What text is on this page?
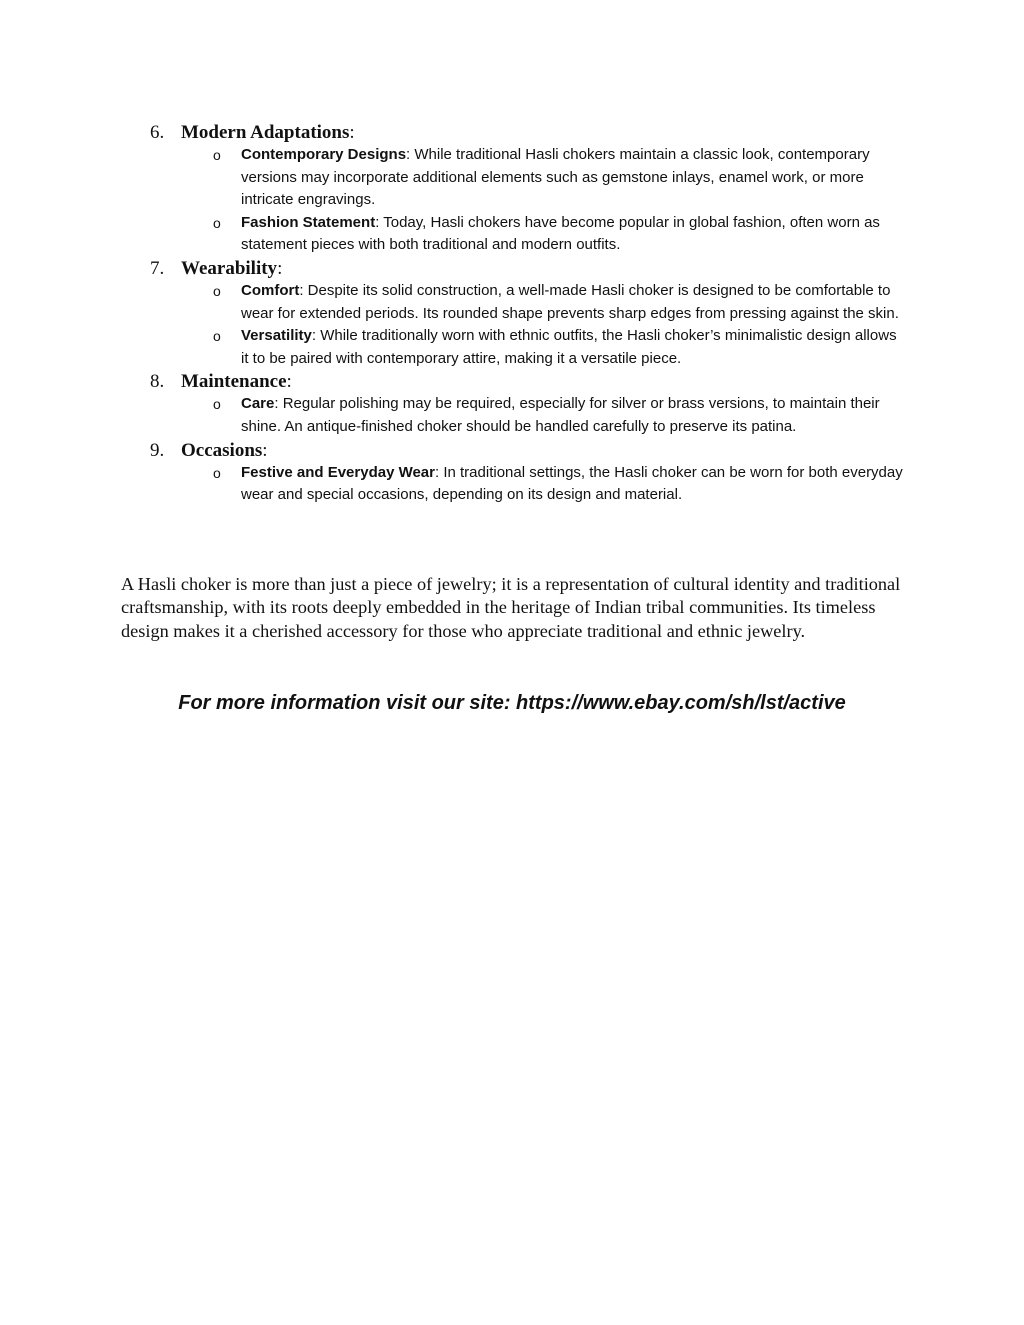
6. Modern Adaptations:
o Contemporary Designs: While traditional Hasli chokers maintain a classic look, contemporary versions may incorporate additional elements such as gemstone inlays, enamel work, or more intricate engravings.
o Fashion Statement: Today, Hasli chokers have become popular in global fashion, often worn as statement pieces with both traditional and modern outfits.
7. Wearability:
o Comfort: Despite its solid construction, a well-made Hasli choker is designed to be comfortable to wear for extended periods. Its rounded shape prevents sharp edges from pressing against the skin.
o Versatility: While traditionally worn with ethnic outfits, the Hasli choker’s minimalistic design allows it to be paired with contemporary attire, making it a versatile piece.
8. Maintenance:
o Care: Regular polishing may be required, especially for silver or brass versions, to maintain their shine. An antique-finished choker should be handled carefully to preserve its patina.
9. Occasions:
o Festive and Everyday Wear: In traditional settings, the Hasli choker can be worn for both everyday wear and special occasions, depending on its design and material.

A Hasli choker is more than just a piece of jewelry; it is a representation of cultural identity and traditional craftsmanship, with its roots deeply embedded in the heritage of Indian tribal communities. Its timeless design makes it a cherished accessory for those who appreciate traditional and ethnic jewelry.

For more information visit our site: https://www.ebay.com/sh/lst/active
